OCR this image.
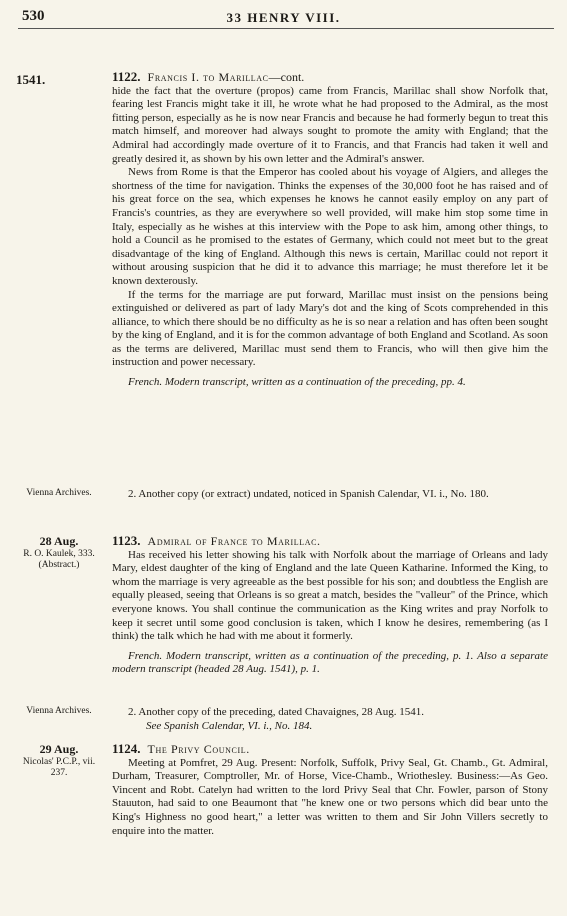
530	33 HENRY VIII.
1541.	1122. Francis I. to Marillac—cont.

hide the fact that the overture (propos) came from Francis, Marillac shall show Norfolk that, fearing lest Francis might take it ill, he wrote what he had proposed to the Admiral, as the most fitting person, especially as he is now near Francis and because he had formerly begun to treat this match himself, and moreover had always sought to promote the amity with England; that the Admiral had accordingly made overture of it to Francis, and that Francis had taken it well and greatly desired it, as shown by his own letter and the Admiral's answer.

News from Rome is that the Emperor has cooled about his voyage of Algiers, and alleges the shortness of the time for navigation. Thinks the expenses of the 30,000 foot he has raised and of his great force on the sea, which expenses he knows he cannot easily employ on any part of Francis's countries, as they are everywhere so well provided, will make him stop some time in Italy, especially as he wishes at this interview with the Pope to ask him, among other things, to hold a Council as he promised to the estates of Germany, which could not meet but to the great disadvantage of the king of England. Although this news is certain, Marillac could not report it without arousing suspicion that he did it to advance this marriage; he must therefore let it be known dexterously.

If the terms for the marriage are put forward, Marillac must insist on the pensions being extinguished or delivered as part of lady Mary's dot and the king of Scots comprehended in this alliance, to which there should be no difficulty as he is so near a relation and has often been sought by the king of England, and it is for the common advantage of both England and Scotland. As soon as the terms are delivered, Marillac must send them to Francis, who will then give him the instruction and power necessary.

French. Modern transcript, written as a continuation of the preceding, pp. 4.

Vienna Archives.	2. Another copy (or extract) undated, noticed in Spanish Calendar, VI. i., No. 180.

28 Aug.
R. O. Kaulek, 333. (Abstract.)

1123. Admiral of France to Marillac.

Has received his letter showing his talk with Norfolk about the marriage of Orleans and lady Mary, eldest daughter of the king of England and the late Queen Katharine. Informed the King, to whom the marriage is very agreeable as the best possible for his son; and doubtless the English are equally pleased, seeing that Orleans is so great a match, besides the "valleur" of the Prince, which everyone knows. You shall continue the communication as the King writes and pray Norfolk to keep it secret until some good conclusion is taken, which I know he desires, remembering (as I think) the talk which he had with me about it formerly.

French. Modern transcript, written as a continuation of the preceding, p. 1. Also a separate modern transcript (headed 28 Aug. 1541), p. 1.

Vienna Archives.	2. Another copy of the preceding, dated Chavaignes, 28 Aug. 1541.

See Spanish Calendar, VI. i., No. 184.

29 Aug.
Nicolas' P.C.P., vii. 237.

1124. The Privy Council.

Meeting at Pomfret, 29 Aug. Present: Norfolk, Suffolk, Privy Seal, Gt. Chamb., Gt. Admiral, Durham, Treasurer, Comptroller, Mr. of Horse, Vice-Chamb., Wriothesley. Business:—As Geo. Vincent and Robt. Catelyn had written to the lord Privy Seal that Chr. Fowler, parson of Stony Stauuton, had said to one Beaumont that "he knew one or two persons which did bear unto the King's Highness no good heart," a letter was written to them and Sir John Villers secretly to enquire into the matter.
